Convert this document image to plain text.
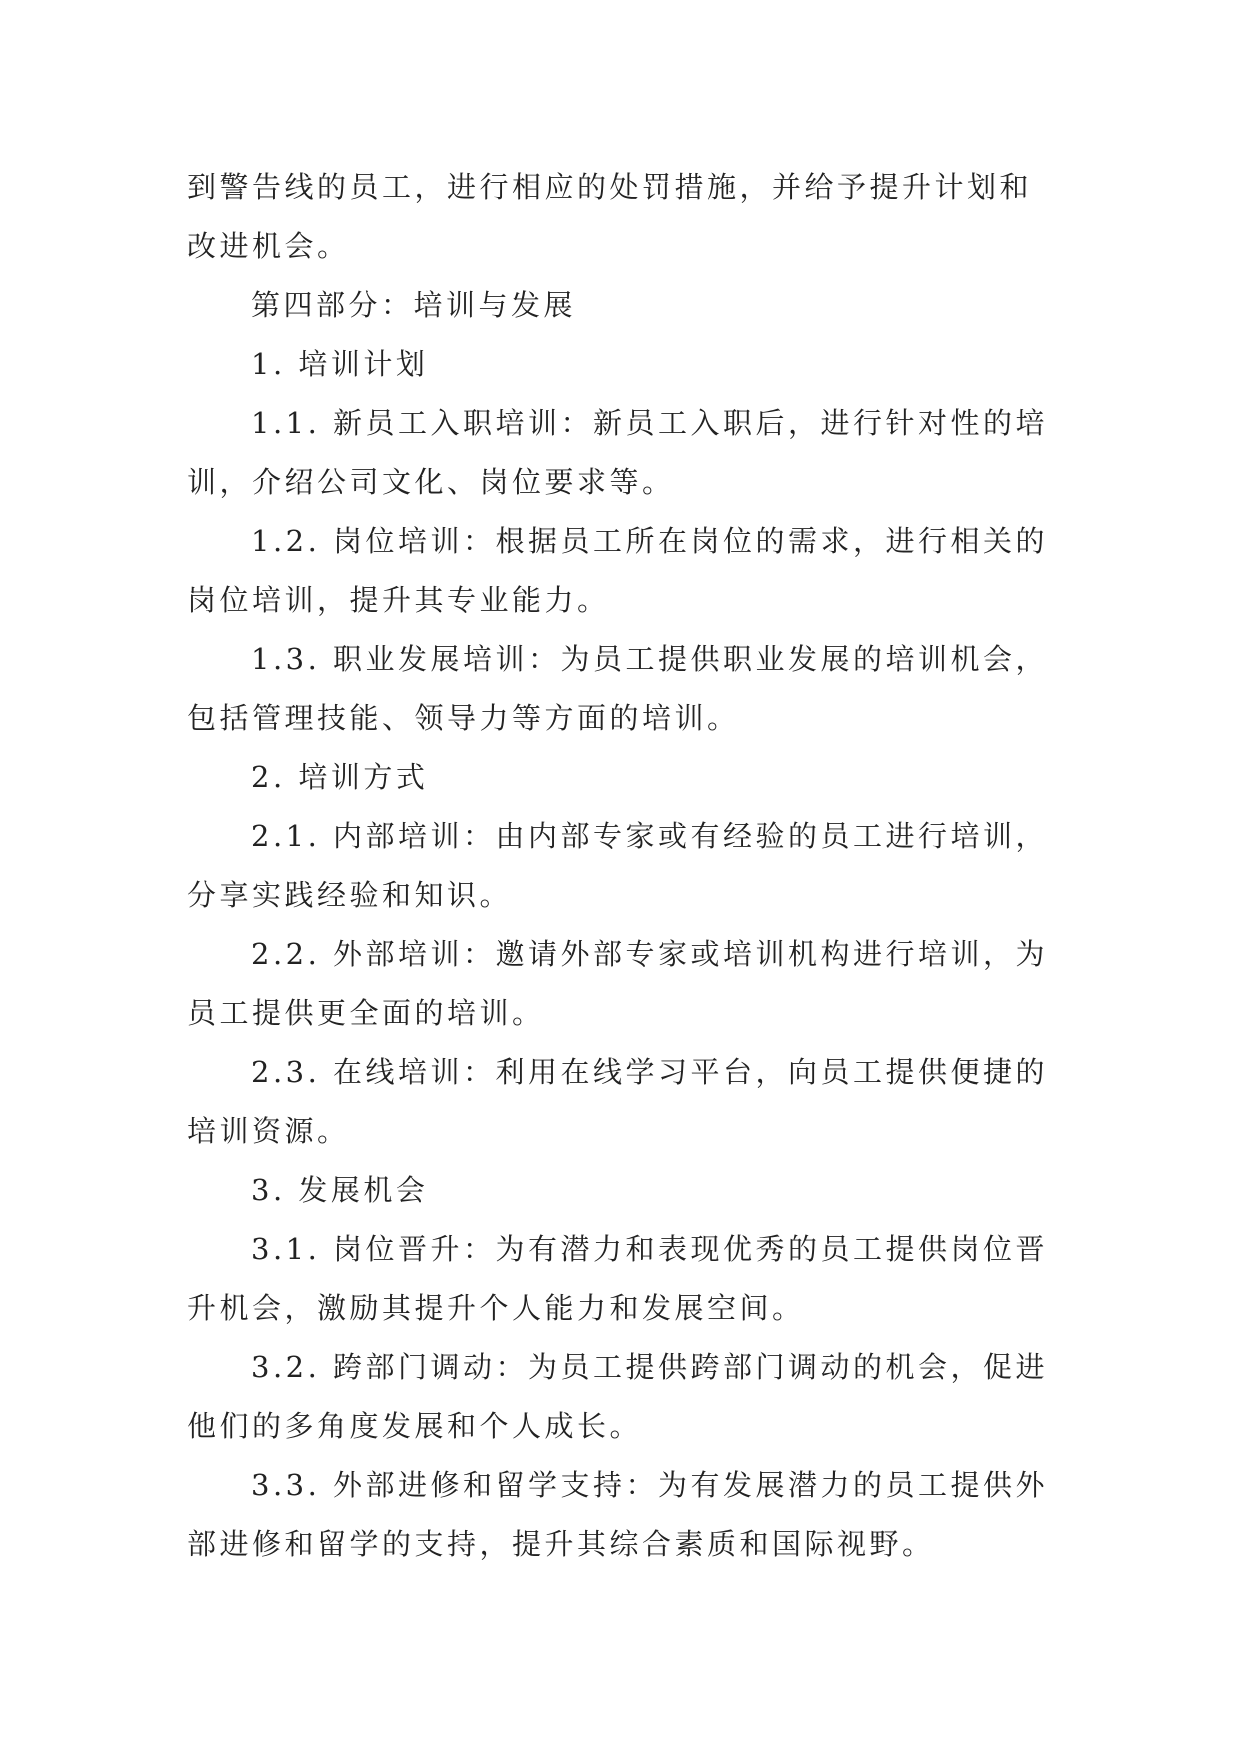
到警告线的员工，进行相应的处罚措施，并给予提升计划和改进机会。

第四部分：培训与发展

1. 培训计划

1.1. 新员工入职培训：新员工入职后，进行针对性的培训，介绍公司文化、岗位要求等。

1.2. 岗位培训：根据员工所在岗位的需求，进行相关的岗位培训，提升其专业能力。

1.3. 职业发展培训：为员工提供职业发展的培训机会，包括管理技能、领导力等方面的培训。

2. 培训方式

2.1. 内部培训：由内部专家或有经验的员工进行培训，分享实践经验和知识。

2.2. 外部培训：邀请外部专家或培训机构进行培训，为员工提供更全面的培训。

2.3. 在线培训：利用在线学习平台，向员工提供便捷的培训资源。

3. 发展机会

3.1. 岗位晋升：为有潜力和表现优秀的员工提供岗位晋升机会，激励其提升个人能力和发展空间。

3.2. 跨部门调动：为员工提供跨部门调动的机会，促进他们的多角度发展和个人成长。

3.3. 外部进修和留学支持：为有发展潜力的员工提供外部进修和留学的支持，提升其综合素质和国际视野。
